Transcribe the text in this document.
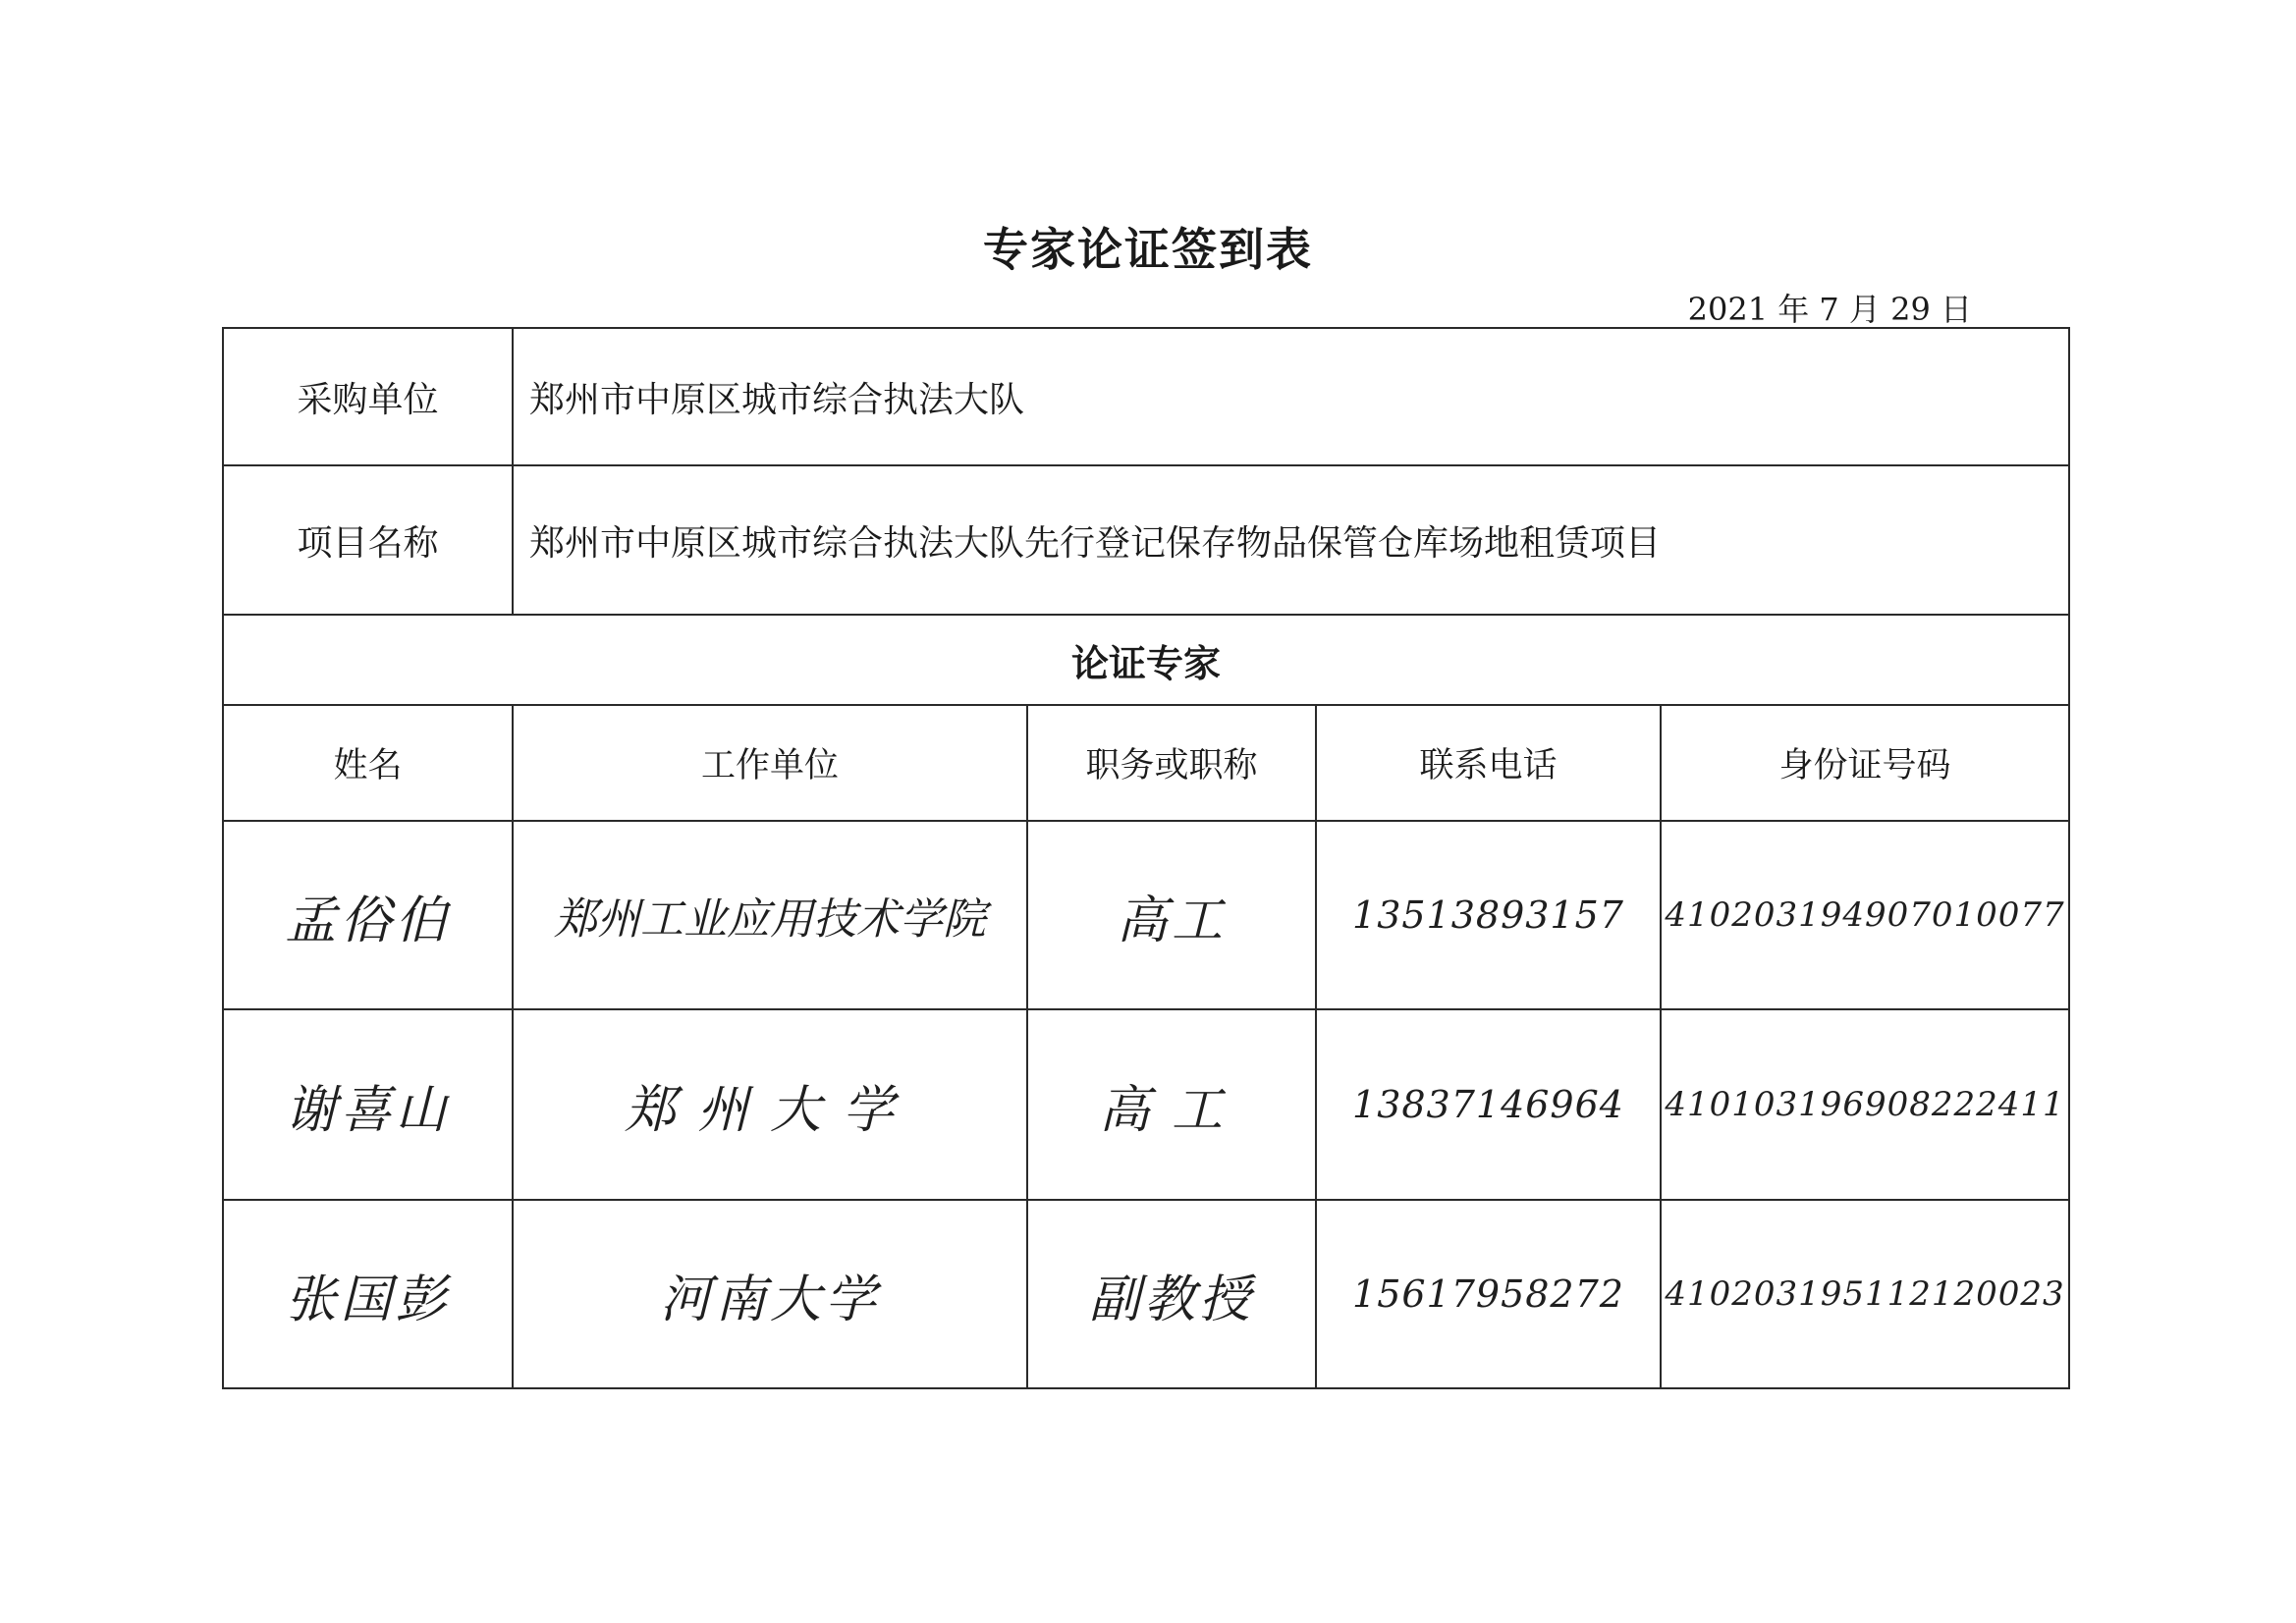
专家论证签到表
2021 年 7 月 29 日
采购单位	郑州市中原区城市综合执法大队			
项目名称	郑州市中原区城市综合执法大队先行登记保存物品保管仓库场地租赁项目			
论证专家				
姓名	工作单位	职务或职称	联系电话	身份证号码
孟俗伯	郑州工业应用技术学院	高工	13513893157	410203194907010077
谢喜山	郑州大学	高工	13837146964	410103196908222411
张国彭	河南大学	副教授	15617958272	410203195112120023
